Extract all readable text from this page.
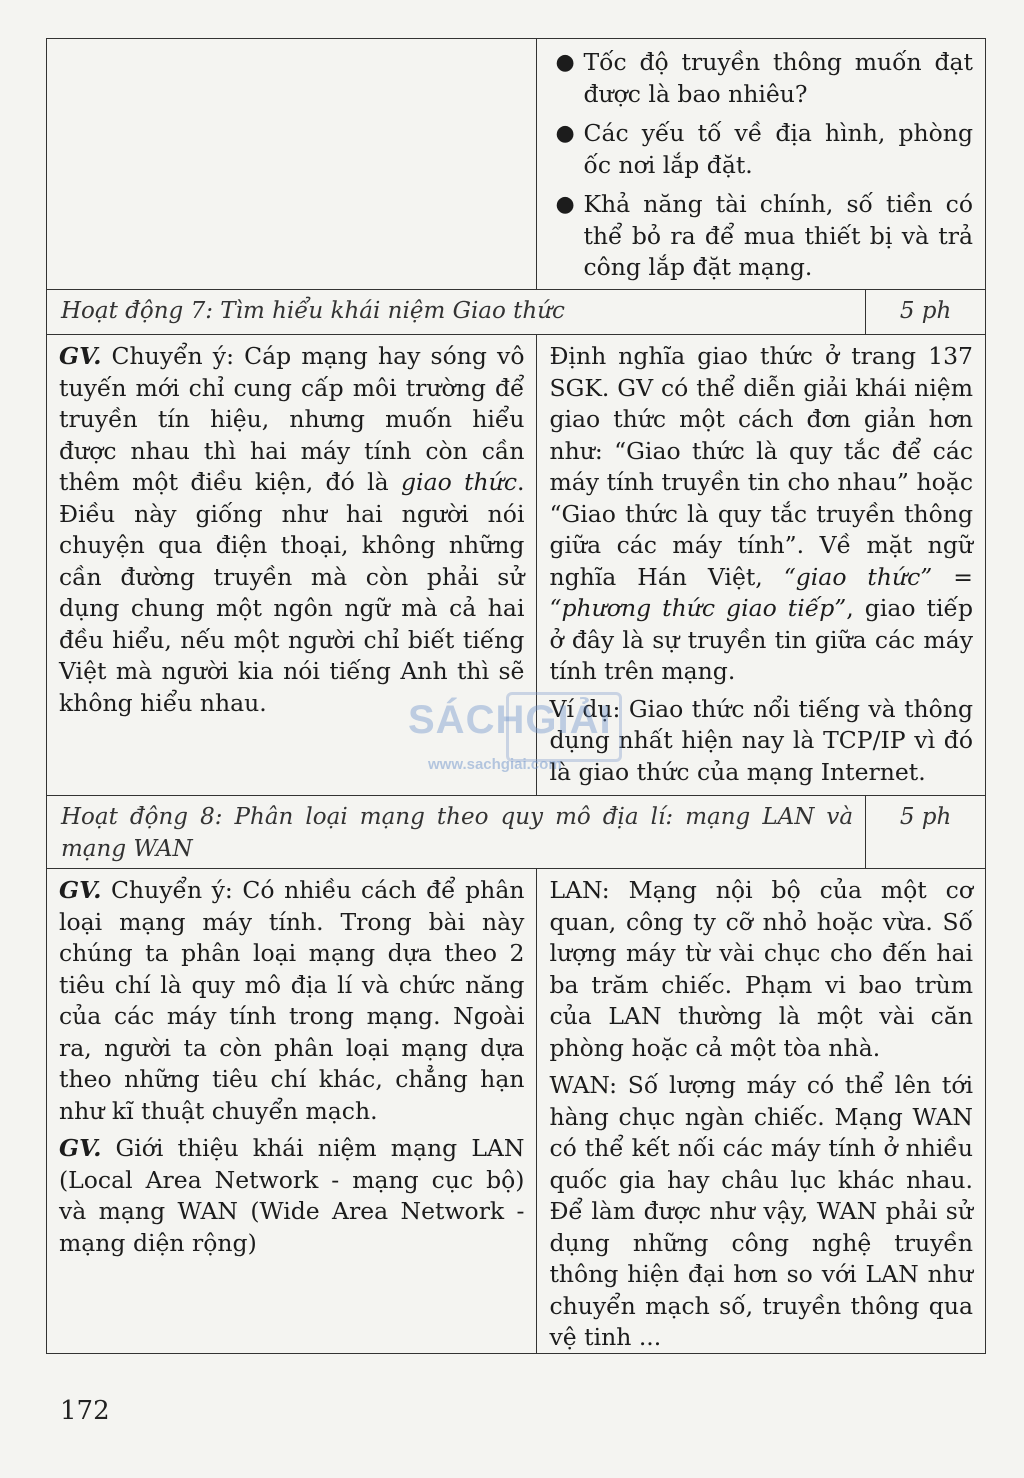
● Tốc độ truyền thông muốn đạt được là bao nhiêu?
● Các yếu tố về địa hình, phòng ốc nơi lắp đặt.
● Khả năng tài chính, số tiền có thể bỏ ra để mua thiết bị và trả công lắp đặt mạng.
Hoạt động 7: Tìm hiểu khái niệm Giao thức	5 ph

GV. Chuyển ý: Cáp mạng hay sóng vô tuyến mới chỉ cung cấp môi trường để truyền tín hiệu, nhưng muốn hiểu được nhau thì hai máy tính còn cần thêm một điều kiện, đó là giao thức. Điều này giống như hai người nói chuyện qua điện thoại, không những cần đường truyền mà còn phải sử dụng chung một ngôn ngữ mà cả hai đều hiểu, nếu một người chỉ biết tiếng Việt mà người kia nói tiếng Anh thì sẽ không hiểu nhau.

Định nghĩa giao thức ở trang 137 SGK. GV có thể diễn giải khái niệm giao thức một cách đơn giản hơn như: “Giao thức là quy tắc để các máy tính truyền tin cho nhau” hoặc “Giao thức là quy tắc truyền thông giữa các máy tính”. Về mặt ngữ nghĩa Hán Việt, “giao thức” = “phương thức giao tiếp”, giao tiếp ở đây là sự truyền tin giữa các máy tính trên mạng.

Ví dụ: Giao thức nổi tiếng và thông dụng nhất hiện nay là TCP/IP vì đó là giao thức của mạng Internet.

Hoạt động 8: Phân loại mạng theo quy mô địa lí: mạng LAN và mạng WAN
5 ph

GV. Chuyển ý: Có nhiều cách để phân loại mạng máy tính. Trong bài này chúng ta phân loại mạng dựa theo 2 tiêu chí là quy mô địa lí và chức năng của các máy tính trong mạng. Ngoài ra, người ta còn phân loại mạng dựa theo những tiêu chí khác, chẳng hạn như kĩ thuật chuyển mạch.

GV. Giới thiệu khái niệm mạng LAN (Local Area Network - mạng cục bộ) và mạng WAN (Wide Area Network - mạng diện rộng)

LAN: Mạng nội bộ của một cơ quan, công ty cỡ nhỏ hoặc vừa. Số lượng máy từ vài chục cho đến hai ba trăm chiếc. Phạm vi bao trùm của LAN thường là một vài căn phòng hoặc cả một tòa nhà.

WAN: Số lượng máy có thể lên tới hàng chục ngàn chiếc. Mạng WAN có thể kết nối các máy tính ở nhiều quốc gia hay châu lục khác nhau. Để làm được như vậy, WAN phải sử dụng những công nghệ truyền thông hiện đại hơn so với LAN như chuyển mạch số, truyền thông qua vệ tinh ...

SÁCHGIẢI
www.sachgiai.com
172
